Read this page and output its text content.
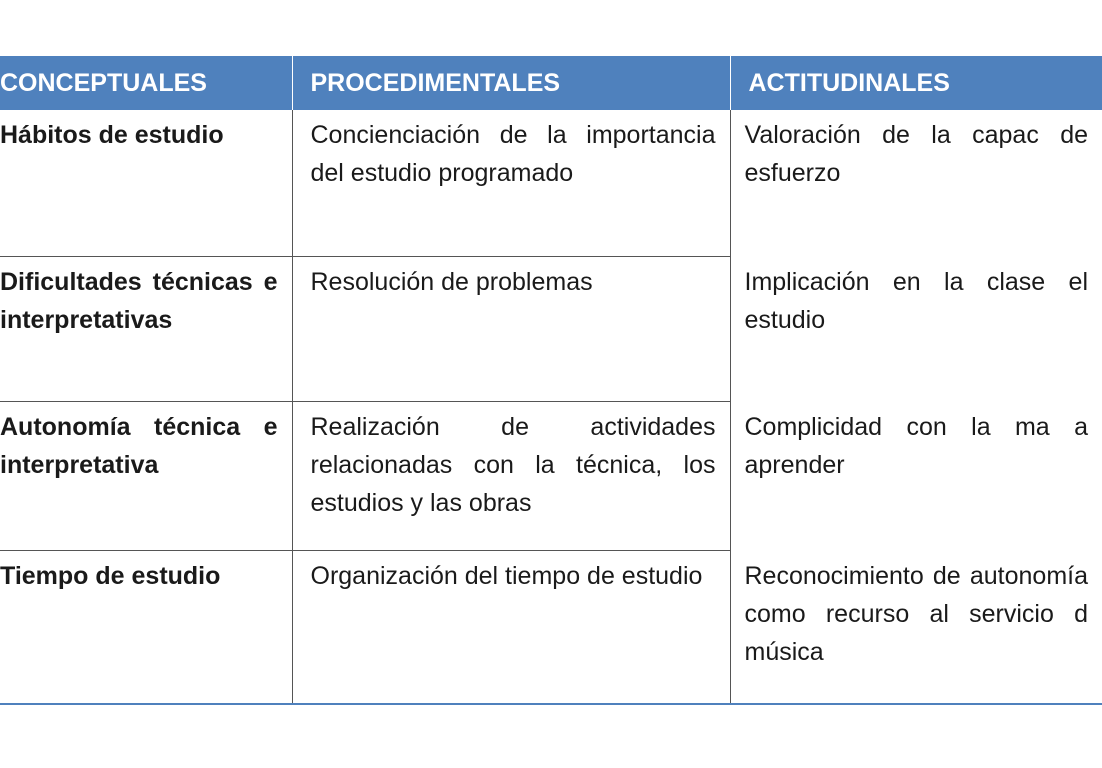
CONCEPTUALES	PROCEDIMENTALES	ACTITUDINALES
Hábitos de estudio	Concienciación de la importancia del estudio programado	Valoración de la capac de esfuerzo
Dificultades técnicas e interpretativas	Resolución de problemas	Implicación en la clase el estudio
Autonomía técnica e interpretativa	Realización de actividades relacionadas con la técnica, los estudios y las obras	Complicidad con la ma a aprender
Tiempo de estudio	Organización del tiempo de estudio	Reconocimiento de autonomía como recurso al servicio d música
